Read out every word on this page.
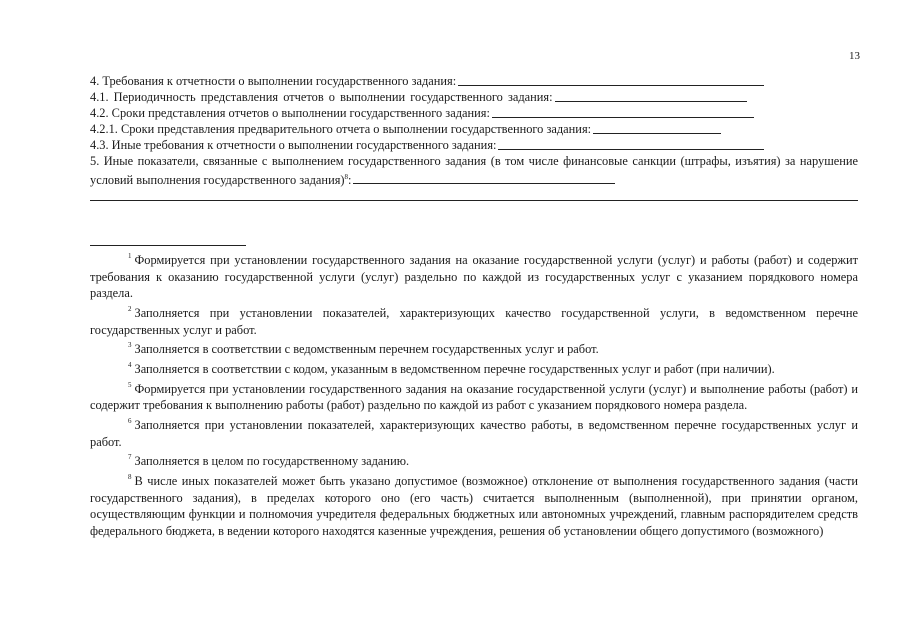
13
4. Требования к отчетности о выполнении государственного задания:
4.1. Периодичность представления отчетов о выполнении государственного задания:
4.2. Сроки представления отчетов о выполнении государственного задания:
4.2.1. Сроки представления предварительного отчета о выполнении государственного задания:
4.3. Иные требования к отчетности о выполнении государственного задания:
5. Иные показатели, связанные с выполнением государственного задания (в том числе финансовые санкции (штрафы, изъятия) за нарушение условий выполнения государственного задания)$^8$:

$^1$ Формируется при установлении государственного задания на оказание государственной услуги (услуг) и работы (работ) и содержит требования к оказанию государственной услуги (услуг) раздельно по каждой из государственных услуг с указанием порядкового номера раздела.

$^2$ Заполняется при установлении показателей, характеризующих качество государственной услуги, в ведомственном перечне государственных услуг и работ.

$^3$ Заполняется в соответствии с ведомственным перечнем государственных услуг и работ.

$^4$ Заполняется в соответствии с кодом, указанным в ведомственном перечне государственных услуг и работ (при наличии).

$^5$ Формируется при установлении государственного задания на оказание государственной услуги (услуг) и выполнение работы (работ) и содержит требования к выполнению работы (работ) раздельно по каждой из работ с указанием порядкового номера раздела.

$^6$ Заполняется при установлении показателей, характеризующих качество работы, в ведомственном перечне государственных услуг и работ.

$^7$ Заполняется в целом по государственному заданию.

$^8$ В числе иных показателей может быть указано допустимое (возможное) отклонение от выполнения государственного задания (части государственного задания), в пределах которого оно (его часть) считается выполненным (выполненной), при принятии органом, осуществляющим функции и полномочия учредителя федеральных бюджетных или автономных учреждений, главным распорядителем средств федерального бюджета, в ведении которого находятся казенные учреждения, решения об установлении общего допустимого (возможного)
